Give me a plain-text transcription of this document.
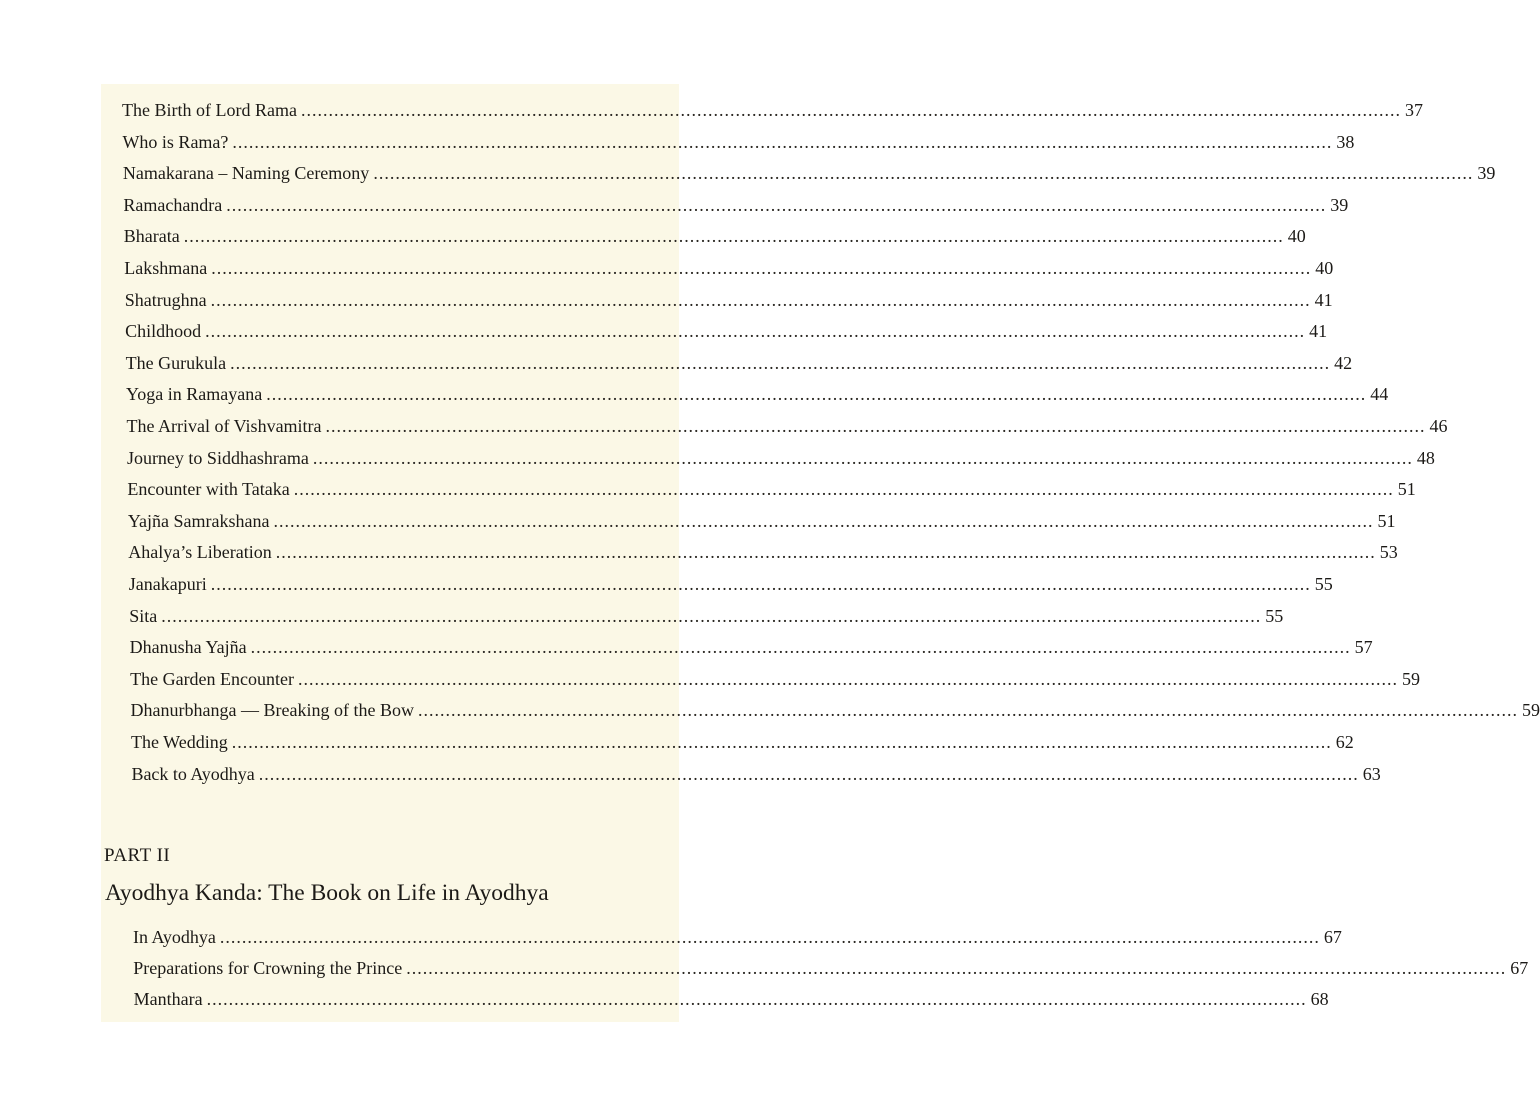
The Birth of Lord Rama ........................................................................................................................................................................................................ 37
Who is Rama? ........................................................................................................................................................................................................ 38
Namakarana – Naming Ceremony ........................................................................................................................................................................................................ 39
Ramachandra ........................................................................................................................................................................................................ 39
Bharata ........................................................................................................................................................................................................ 40
Lakshmana ........................................................................................................................................................................................................ 40
Shatrughna ........................................................................................................................................................................................................ 41
Childhood ........................................................................................................................................................................................................ 41
The Gurukula ........................................................................................................................................................................................................ 42
Yoga in Ramayana ........................................................................................................................................................................................................ 44
The Arrival of Vishvamitra ........................................................................................................................................................................................................ 46
Journey to Siddhashrama ........................................................................................................................................................................................................ 48
Encounter with Tataka ........................................................................................................................................................................................................ 51
Yajña Samrakshana ........................................................................................................................................................................................................ 51
Ahalya’s Liberation ........................................................................................................................................................................................................ 53
Janakapuri ........................................................................................................................................................................................................ 55
Sita ........................................................................................................................................................................................................ 55
Dhanusha Yajña ........................................................................................................................................................................................................ 57
The Garden Encounter ........................................................................................................................................................................................................ 59
Dhanurbhanga — Breaking of the Bow ........................................................................................................................................................................................................ 59
The Wedding ........................................................................................................................................................................................................ 62
Back to Ayodhya ........................................................................................................................................................................................................ 63
PART II
Ayodhya Kanda: The Book on Life in Ayodhya
In Ayodhya ........................................................................................................................................................................................................ 67
Preparations for Crowning the Prince ........................................................................................................................................................................................................ 67
Manthara ........................................................................................................................................................................................................ 68
